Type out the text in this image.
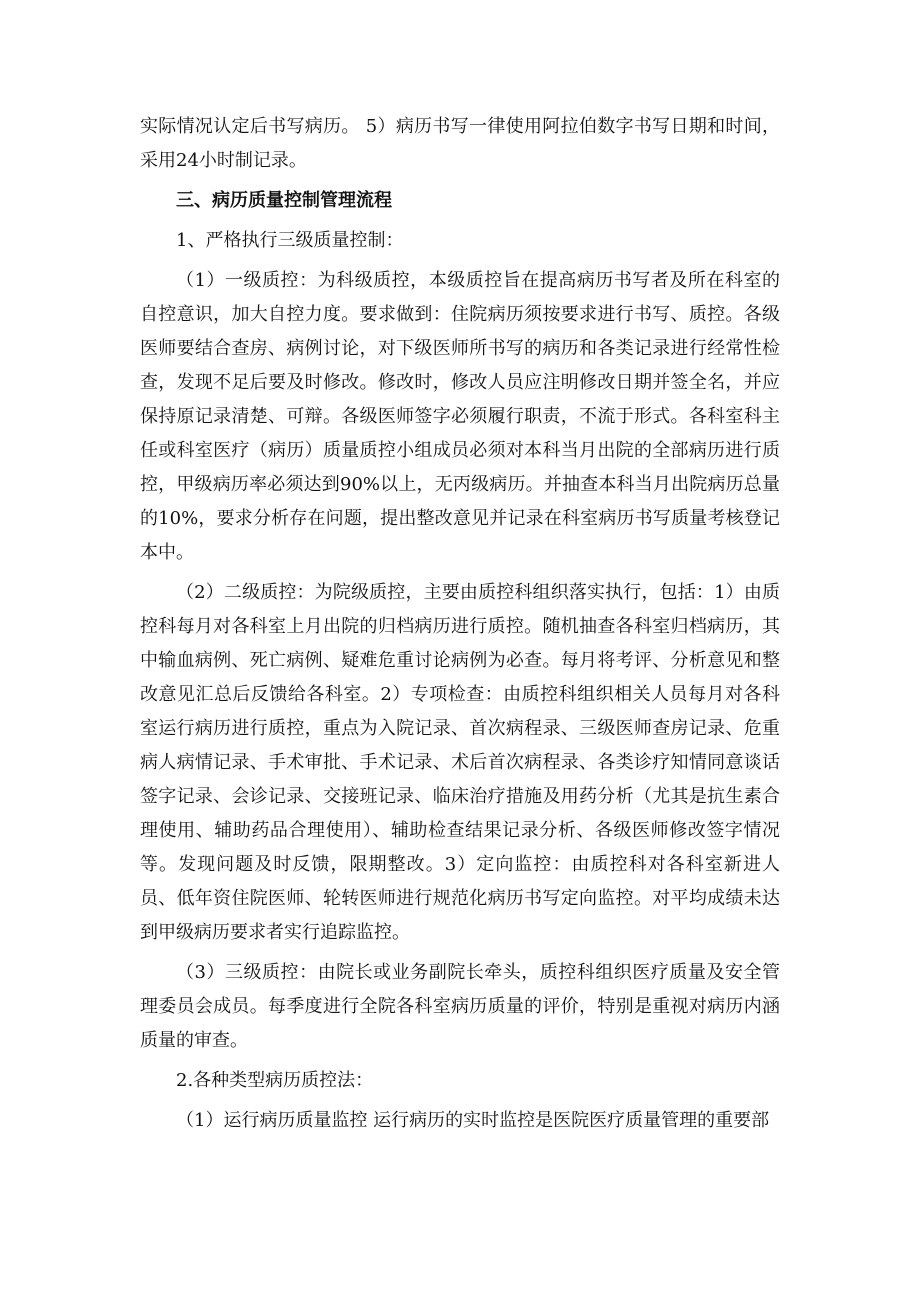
实际情况认定后书写病历。 5）病历书写一律使用阿拉伯数字书写日期和时间，采用24小时制记录。

三、病历质量控制管理流程

1、严格执行三级质量控制：

（1）一级质控：为科级质控，本级质控旨在提高病历书写者及所在科室的自控意识，加大自控力度。要求做到：住院病历须按要求进行书写、质控。各级医师要结合查房、病例讨论，对下级医师所书写的病历和各类记录进行经常性检查，发现不足后要及时修改。修改时，修改人员应注明修改日期并签全名，并应保持原记录清楚、可辩。各级医师签字必须履行职责，不流于形式。各科室科主任或科室医疗（病历）质量质控小组成员必须对本科当月出院的全部病历进行质控，甲级病历率必须达到90%以上，无丙级病历。并抽查本科当月出院病历总量的10%，要求分析存在问题，提出整改意见并记录在科室病历书写质量考核登记本中。

（2）二级质控：为院级质控，主要由质控科组织落实执行，包括：1）由质控科每月对各科室上月出院的归档病历进行质控。随机抽查各科室归档病历，其中输血病例、死亡病例、疑难危重讨论病例为必查。每月将考评、分析意见和整改意见汇总后反馈给各科室。2）专项检查：由质控科组织相关人员每月对各科室运行病历进行质控，重点为入院记录、首次病程录、三级医师查房记录、危重病人病情记录、手术审批、手术记录、术后首次病程录、各类诊疗知情同意谈话签字记录、会诊记录、交接班记录、临床治疗措施及用药分析（尤其是抗生素合理使用、辅助药品合理使用）、辅助检查结果记录分析、各级医师修改签字情况等。发现问题及时反馈，限期整改。3）定向监控：由质控科对各科室新进人员、低年资住院医师、轮转医师进行规范化病历书写定向监控。对平均成绩未达到甲级病历要求者实行追踪监控。

（3）三级质控：由院长或业务副院长牵头，质控科组织医疗质量及安全管理委员会成员。每季度进行全院各科室病历质量的评价，特别是重视对病历内涵质量的审查。

2.各种类型病历质控法：

（1）运行病历质量监控 运行病历的实时监控是医院医疗质量管理的重要部
